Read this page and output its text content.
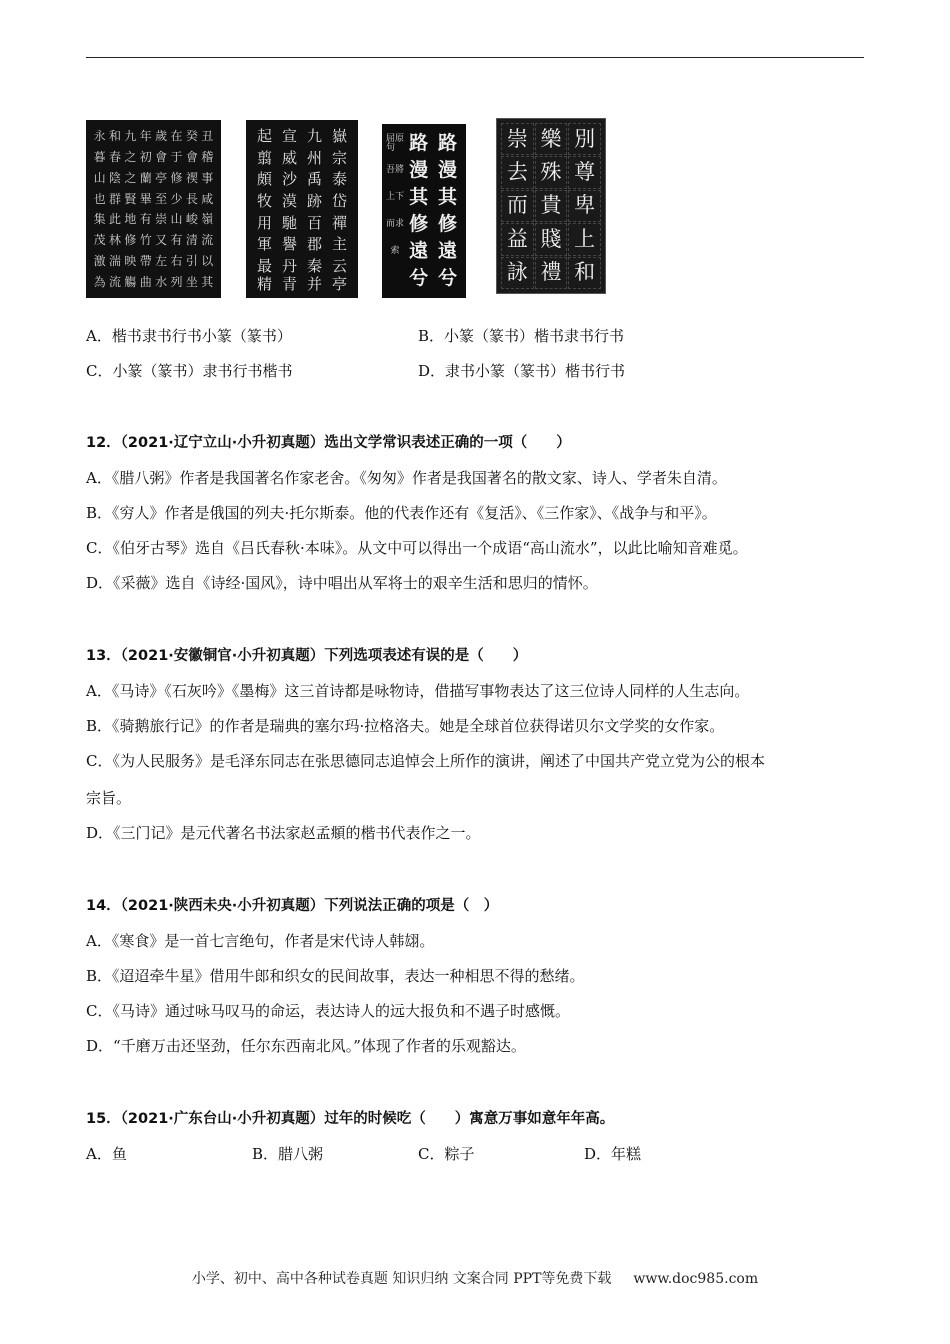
永 和 九 年 歲 在 癸 丑
暮 春 之 初 會 于 會 稽
山 陰 之 蘭 亭 修 禊 事
也 群 賢 畢 至 少 長 咸
集 此 地 有 崇 山 峻 嶺
茂 林 修 竹 又 有 清 流
激 湍 映 帶 左 右 引 以
為 流 觴 曲 水 列 坐 其
起 宣 九 嶽
翦 威 州 宗
頗 沙 禹 泰
牧 漠 跡 岱
用 馳 百 禪
軍 譽 郡 主
最 丹 秦 云
精 青 并 亭
屈原句 路 路
吾將 漫 漫
上下 其 其
而求 修 修
索 遠 遠
兮 兮
崇 樂 別
去 殊 尊
而 貴 卑
益 賤 上
詠 禮 和
A．楷书隶书行书小篆（篆书）	B．小篆（篆书）楷书隶书行书
C．小篆（篆书）隶书行书楷书	D．隶书小篆（篆书）楷书行书
12．（2021·辽宁立山·小升初真题）选出文学常识表述正确的一项（　　）
A．《腊八粥》作者是我国著名作家老舍。《匆匆》作者是我国著名的散文家、诗人、学者朱自清。
B．《穷人》作者是俄国的列夫·托尔斯泰。他的代表作还有《复活》、《三作家》、《战争与和平》。
C．《伯牙古琴》选自《吕氏春秋·本味》。从文中可以得出一个成语“高山流水”，以此比喻知音难觅。
D．《采薇》选自《诗经·国风》，诗中唱出从军将士的艰辛生活和思归的情怀。
13．（2021·安徽铜官·小升初真题）下列选项表述有误的是（　　）
A．《马诗》《石灰吟》《墨梅》这三首诗都是咏物诗，借描写事物表达了这三位诗人同样的人生志向。
B．《骑鹅旅行记》的作者是瑞典的塞尔玛·拉格洛夫。她是全球首位获得诺贝尔文学奖的女作家。
C．《为人民服务》是毛泽东同志在张思德同志追悼会上所作的演讲，阐述了中国共产党立党为公的根本
宗旨。
D．《三门记》是元代著名书法家赵孟頫的楷书代表作之一。
14．（2021·陕西未央·小升初真题）下列说法正确的项是（　）
A．《寒食》是一首七言绝句，作者是宋代诗人韩翃。
B．《迢迢牵牛星》借用牛郎和织女的民间故事，表达一种相思不得的愁绪。
C．《马诗》通过咏马叹马的命运，表达诗人的远大报负和不遇子时感慨。
D．“千磨万击还坚劲，任尔东西南北风。”体现了作者的乐观豁达。
15．（2021·广东台山·小升初真题）过年的时候吃（　　）寓意万事如意年年高。
A．鱼	B．腊八粥	C．粽子	D．年糕
小学、初中、高中各种试卷真题 知识归纳 文案合同 PPT等免费下载 www.doc985.com
